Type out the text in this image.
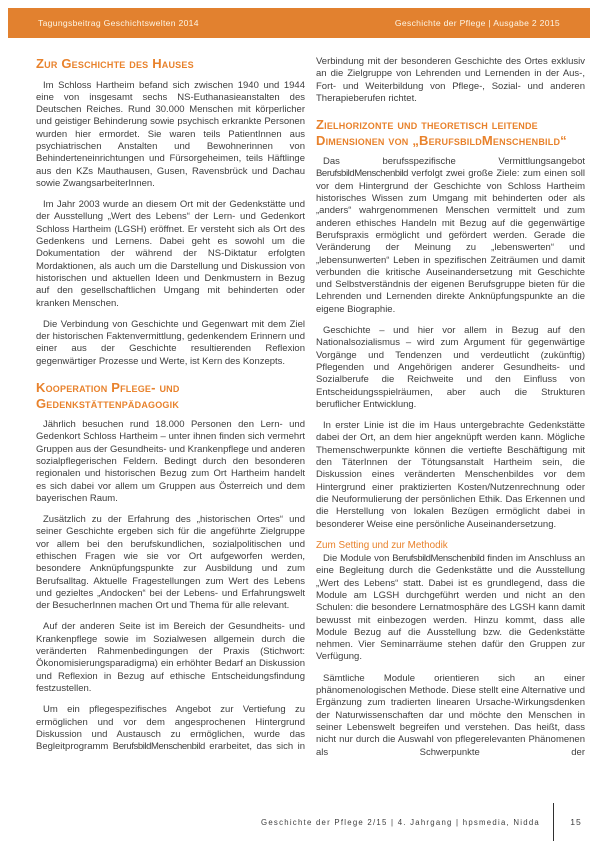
Tagungsbeitrag Geschichtswelten 2014	Geschichte der Pflege | Ausgabe 2 2015
Zur Geschichte des Hauses

Im Schloss Hartheim befand sich zwischen 1940 und 1944 eine von insgesamt sechs NS-Euthanasieanstalten des Deutschen Reiches. Rund 30.000 Menschen mit körperlicher und geistiger Behinderung sowie psychisch erkrankte Personen wurden hier ermordet. Sie waren teils PatientInnen aus psychiatrischen Anstalten und Bewohnerinnen von Behinderteneinrichtungen und Fürsorgeheimen, teils Häftlinge aus den KZs Mauthausen, Gusen, Ravensbrück und Dachau sowie ZwangsarbeiterInnen.

Im Jahr 2003 wurde an diesem Ort mit der Gedenkstätte und der Ausstellung „Wert des Lebens“ der Lern- und Gedenkort Schloss Hartheim (LGSH) eröffnet. Er versteht sich als Ort des Gedenkens und Lernens. Dabei geht es sowohl um die Dokumentation der während der NS-Diktatur erfolgten Mordaktionen, als auch um die Darstellung und Diskussion von historischen und aktuellen Ideen und Denkmustern in Bezug auf den gesellschaftlichen Umgang mit behinderten oder kranken Menschen.

Die Verbindung von Geschichte und Gegenwart mit dem Ziel der historischen Faktenvermittlung, gedenkendem Erinnern und einer aus der Geschichte resultierenden Reflexion gegenwärtiger Prozesse und Werte, ist Kern des Konzepts.

Kooperation Pflege- und Gedenkstättenpädagogik

Jährlich besuchen rund 18.000 Personen den Lern- und Gedenkort Schloss Hartheim – unter ihnen finden sich vermehrt Gruppen aus der Gesundheits- und Krankenpflege und anderen sozialpflegerischen Feldern. Bedingt durch den besonderen regionalen und historischen Bezug zum Ort Hartheim handelt es sich dabei vor allem um Gruppen aus Österreich und dem bayerischen Raum.

Zusätzlich zu der Erfahrung des „historischen Ortes“ und seiner Geschichte ergeben sich für die angeführte Zielgruppe vor allem bei den berufskundlichen, sozialpolitischen und ethischen Fragen wie sie vor Ort aufgeworfen werden, besondere Anknüpfungspunkte zur Ausbildung und zum Berufsalltag. Aktuelle Fragestellungen zum Wert des Lebens und gezieltes „Andocken“ bei der Lebens- und Erfahrungswelt der BesucherInnen machen Ort und Thema für alle relevant.

Auf der anderen Seite ist im Bereich der Gesundheits- und Krankenpflege sowie im Sozialwesen allgemein durch die veränderten Rahmenbedingungen der Praxis (Stichwort: Ökonomisierungsparadigma) ein erhöhter Bedarf an Diskussion und Reflexion in Bezug auf ethische Entscheidungsfindung festzustellen.

Um ein pflegespezifisches Angebot zur Vertiefung zu ermöglichen und vor dem angesprochenen Hintergrund Diskussion und Austausch zu ermöglichen, wurde das Begleitprogramm BerufsbildMenschenbild erarbeitet, das sich in

Verbindung mit der besonderen Geschichte des Ortes exklusiv an die Zielgruppe von Lehrenden und Lernenden in der Aus-, Fort- und Weiterbildung von Pflege-, Sozial- und anderen Therapieberufen richtet.

Zielhorizonte und theoretisch leitende Dimensionen von „BerufsbildMenschenbild“

Das berufsspezifische Vermittlungsangebot BerufsbildMenschenbild verfolgt zwei große Ziele: zum einen soll vor dem Hintergrund der Geschichte von Schloss Hartheim historisches Wissen zum Umgang mit behinderten oder als „anders“ wahrgenommenen Menschen vermittelt und zum anderen ethisches Handeln mit Bezug auf die gegenwärtige Berufspraxis ermöglicht und gefördert werden. Gerade die Veränderung der Meinung zu „lebenswerten“ und „lebensunwerten“ Leben in spezifischen Zeiträumen und damit verbunden die kritische Auseinandersetzung mit Geschichte und Selbstverständnis der eigenen Berufsgruppe bieten für die Lehrenden und Lernenden direkte Anknüpfungspunkte an die eigene Biographie.

Geschichte – und hier vor allem in Bezug auf den Nationalsozialismus – wird zum Argument für gegenwärtige Vorgänge und Tendenzen und verdeutlicht (zukünftig) Pflegenden und Angehörigen anderer Gesundheits- und Sozialberufe die Reichweite und den Einfluss von Entscheidungsspielräumen, aber auch die Strukturen beruflicher Entwicklung.

In erster Linie ist die im Haus untergebrachte Gedenkstätte dabei der Ort, an dem hier angeknüpft werden kann. Mögliche Themenschwerpunkte können die vertiefte Beschäftigung mit den TäterInnen der Tötungsanstalt Hartheim sein, die Diskussion eines veränderten Menschenbildes vor dem Hintergrund einer praktizierten Kosten/Nutzenrechnung oder die Neuformulierung der persönlichen Ethik. Das Erkennen und die Herstellung von lokalen Bezügen ermöglicht dabei in besonderer Weise eine persönliche Auseinandersetzung.

Zum Setting und zur Methodik

Die Module von BerufsbildMenschenbild finden im Anschluss an eine Begleitung durch die Gedenkstätte und die Ausstellung „Wert des Lebens“ statt. Dabei ist es grundlegend, dass die Module am LGSH durchgeführt werden und nicht an den Schulen: die besondere Lernatmosphäre des LGSH kann damit bewusst mit einbezogen werden. Hinzu kommt, dass alle Module Bezug auf die Ausstellung bzw. die Gedenkstätte nehmen. Vier Seminarräume stehen dafür den Gruppen zur Verfügung.

Sämtliche Module orientieren sich an einer phänomenologischen Methode. Diese stellt eine Alternative und Ergänzung zum tradierten linearen Ursache-Wirkungsdenken der Naturwissenschaften dar und möchte den Menschen in seiner Lebenswelt begreifen und verstehen. Das heißt, dass nicht nur durch die Auswahl von pflegerelevanten Phänomenen als Schwerpunkte der

Geschichte der Pflege 2/15 | 4. Jahrgang | hpsmedia, Nidda	15
